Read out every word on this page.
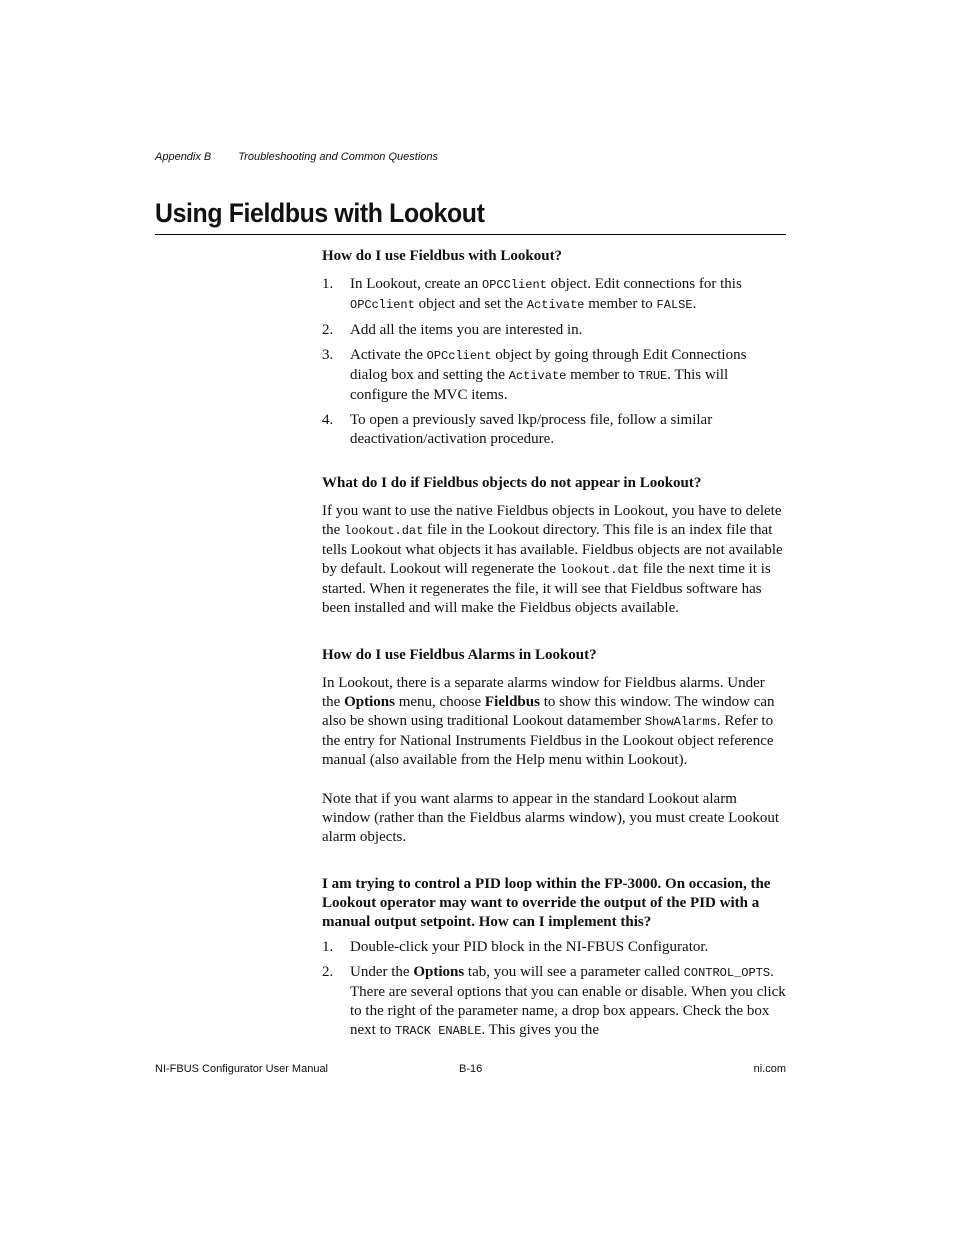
Appendix B Troubleshooting and Common Questions
Using Fieldbus with Lookout
How do I use Fieldbus with Lookout?
1. In Lookout, create an OPCClient object. Edit connections for this OPCclient object and set the Activate member to FALSE.
2. Add all the items you are interested in.
3. Activate the OPCclient object by going through Edit Connections dialog box and setting the Activate member to TRUE. This will configure the MVC items.
4. To open a previously saved lkp/process file, follow a similar deactivation/activation procedure.
What do I do if Fieldbus objects do not appear in Lookout?

If you want to use the native Fieldbus objects in Lookout, you have to delete the lookout.dat file in the Lookout directory. This file is an index file that tells Lookout what objects it has available. Fieldbus objects are not available by default. Lookout will regenerate the lookout.dat file the next time it is started. When it regenerates the file, it will see that Fieldbus software has been installed and will make the Fieldbus objects available.

How do I use Fieldbus Alarms in Lookout?

In Lookout, there is a separate alarms window for Fieldbus alarms. Under the Options menu, choose Fieldbus to show this window. The window can also be shown using traditional Lookout datamember ShowAlarms. Refer to the entry for National Instruments Fieldbus in the Lookout object reference manual (also available from the Help menu within Lookout).

Note that if you want alarms to appear in the standard Lookout alarm window (rather than the Fieldbus alarms window), you must create Lookout alarm objects.

I am trying to control a PID loop within the FP-3000. On occasion, the Lookout operator may want to override the output of the PID with a manual output setpoint. How can I implement this?
1. Double-click your PID block in the NI-FBUS Configurator.
2. Under the Options tab, you will see a parameter called CONTROL_OPTS. There are several options that you can enable or disable. When you click to the right of the parameter name, a drop box appears. Check the box next to TRACK ENABLE. This gives you the
NI-FBUS Configurator User Manual	B-16	ni.com
